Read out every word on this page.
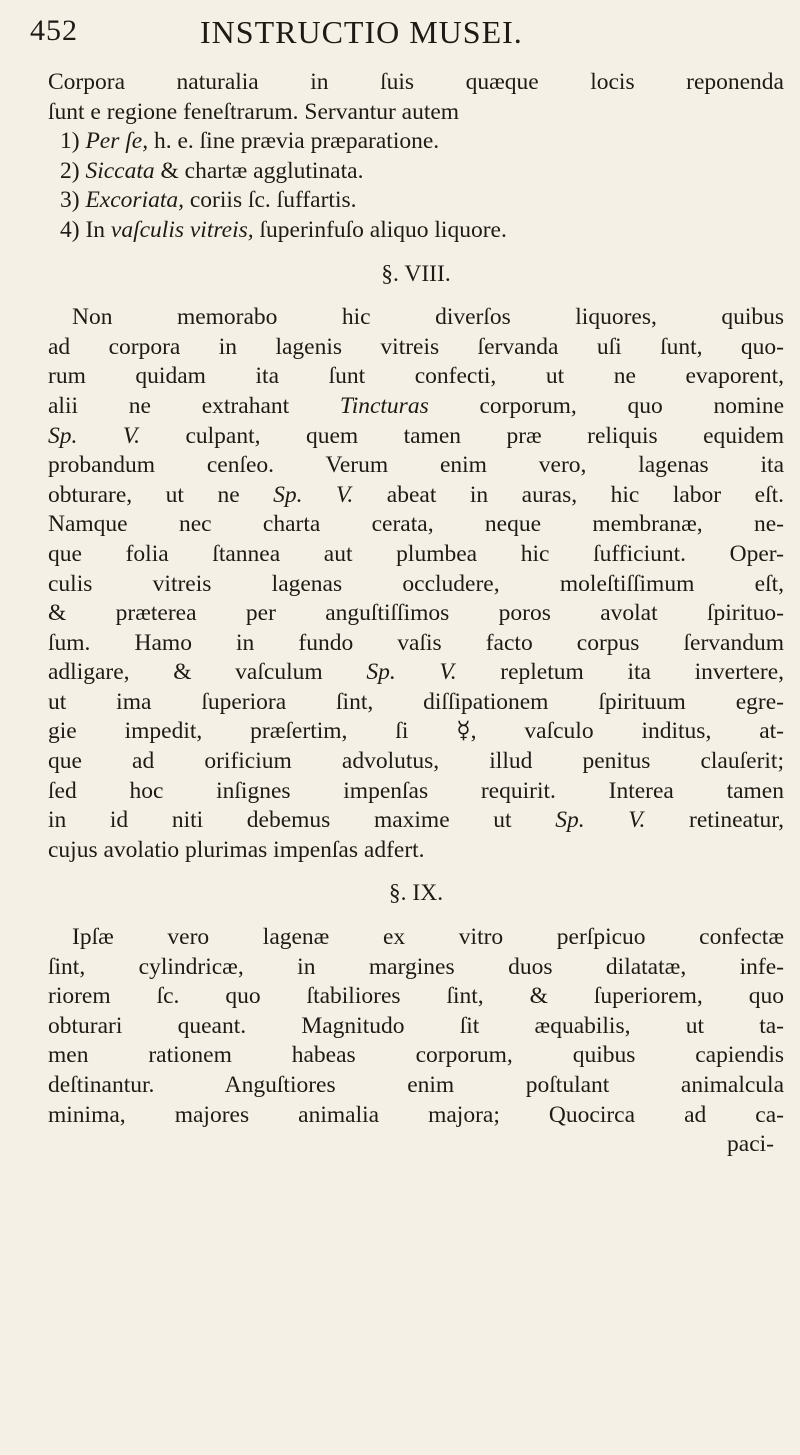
452	INSTRUCTIO MUSEI.
Corpora naturalia in ſuis quæque locis reponenda
ſunt e regione feneſtrarum. Servantur autem
1) Per ſe, h. e. ſine prævia præparatione.
2) Siccata & chartæ agglutinata.
3) Excoriata, coriis ſc. ſuffartis.
4) In vaſculis vitreis, ſuperinfuſo aliquo liquore.
§. VIII.
Non memorabo hic diverſos liquores, quibus
ad corpora in lagenis vitreis ſervanda uſi ſunt, quo-
rum quidam ita ſunt confecti, ut ne evaporent,
alii ne extrahant Tincturas corporum, quo nomine
Sp. V. culpant, quem tamen præ reliquis equidem
probandum cenſeo. Verum enim vero, lagenas ita
obturare, ut ne Sp. V. abeat in auras, hic labor eſt.
Namque nec charta cerata, neque membranæ, ne-
que folia ſtannea aut plumbea hic ſufficiunt. Oper-
culis vitreis lagenas occludere, moleſtiſſimum eſt,
& præterea per anguſtiſſimos poros avolat ſpirituo-
ſum. Hamo in fundo vaſis facto corpus ſervandum
adligare, & vaſculum Sp. V. repletum ita invertere,
ut ima ſuperiora ſint, diſſipationem ſpirituum egre-
gie impedit, præſertim, ſi ☿, vaſculo inditus, at-
que ad orificium advolutus, illud penitus clauſerit;
ſed hoc inſignes impenſas requirit. Interea tamen
in id niti debemus maxime ut Sp. V. retineatur,
cujus avolatio plurimas impenſas adfert.
§. IX.
Ipſæ vero lagenæ ex vitro perſpicuo confectæ
ſint, cylindricæ, in margines duos dilatatæ, infe-
riorem ſc. quo ſtabiliores ſint, & ſuperiorem, quo
obturari queant. Magnitudo ſit æquabilis, ut ta-
men rationem habeas corporum, quibus capiendis
deſtinantur. Anguſtiores enim poſtulant animalcula
minima, majores animalia majora; Quocirca ad ca-
paci-
